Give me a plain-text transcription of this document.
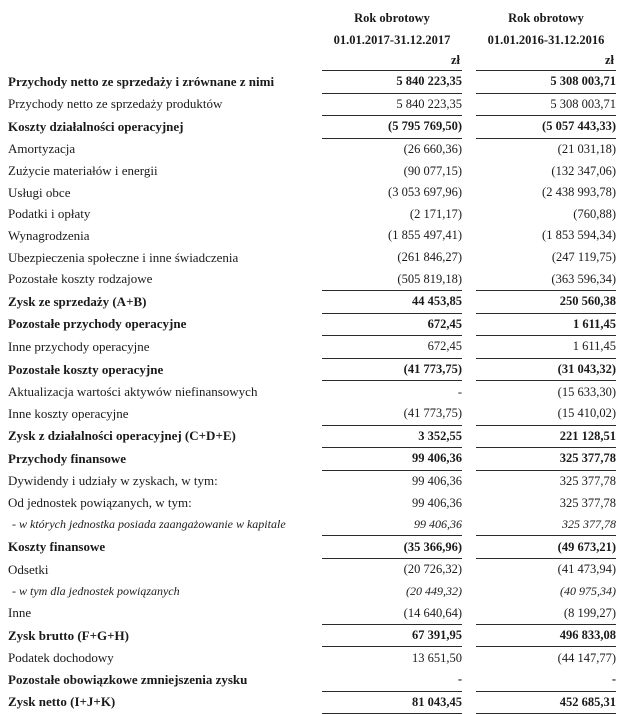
		Rok obrotowy		Rok obrotowy
		01.01.2017-31.12.2017		01.01.2016-31.12.2016
		zł		zł
Przychody netto ze sprzedaży i zrównane z nimi		5 840 223,35		5 308 003,71
Przychody netto ze sprzedaży produktów		5 840 223,35		5 308 003,71
Koszty działalności operacyjnej		(5 795 769,50)		(5 057 443,33)
Amortyzacja		(26 660,36)		(21 031,18)
Zużycie materiałów i energii		(90 077,15)		(132 347,06)
Usługi obce		(3 053 697,96)		(2 438 993,78)
Podatki i opłaty		(2 171,17)		(760,88)
Wynagrodzenia		(1 855 497,41)		(1 853 594,34)
Ubezpieczenia społeczne i inne świadczenia		(261 846,27)		(247 119,75)
Pozostałe koszty rodzajowe		(505 819,18)		(363 596,34)
Zysk ze sprzedaży (A+B)		44 453,85		250 560,38
Pozostałe przychody operacyjne		672,45		1 611,45
Inne przychody operacyjne		672,45		1 611,45
Pozostałe koszty operacyjne		(41 773,75)		(31 043,32)
Aktualizacja wartości aktywów niefinansowych		-		(15 633,30)
Inne koszty operacyjne		(41 773,75)		(15 410,02)
Zysk z działalności operacyjnej (C+D+E)		3 352,55		221 128,51
Przychody finansowe		99 406,36		325 377,78
Dywidendy i udziały w zyskach, w tym:		99 406,36		325 377,78
Od jednostek powiązanych, w tym:		99 406,36		325 377,78
- w których jednostka posiada zaangażowanie w kapitale		99 406,36		325 377,78
Koszty finansowe		(35 366,96)		(49 673,21)
Odsetki		(20 726,32)		(41 473,94)
- w tym dla jednostek powiązanych		(20 449,32)		(40 975,34)
Inne		(14 640,64)		(8 199,27)
Zysk brutto (F+G+H)		67 391,95		496 833,08
Podatek dochodowy		13 651,50		(44 147,77)
Pozostałe obowiązkowe zmniejszenia zysku		-		-
Zysk netto (I+J+K)		81 043,45		452 685,31
